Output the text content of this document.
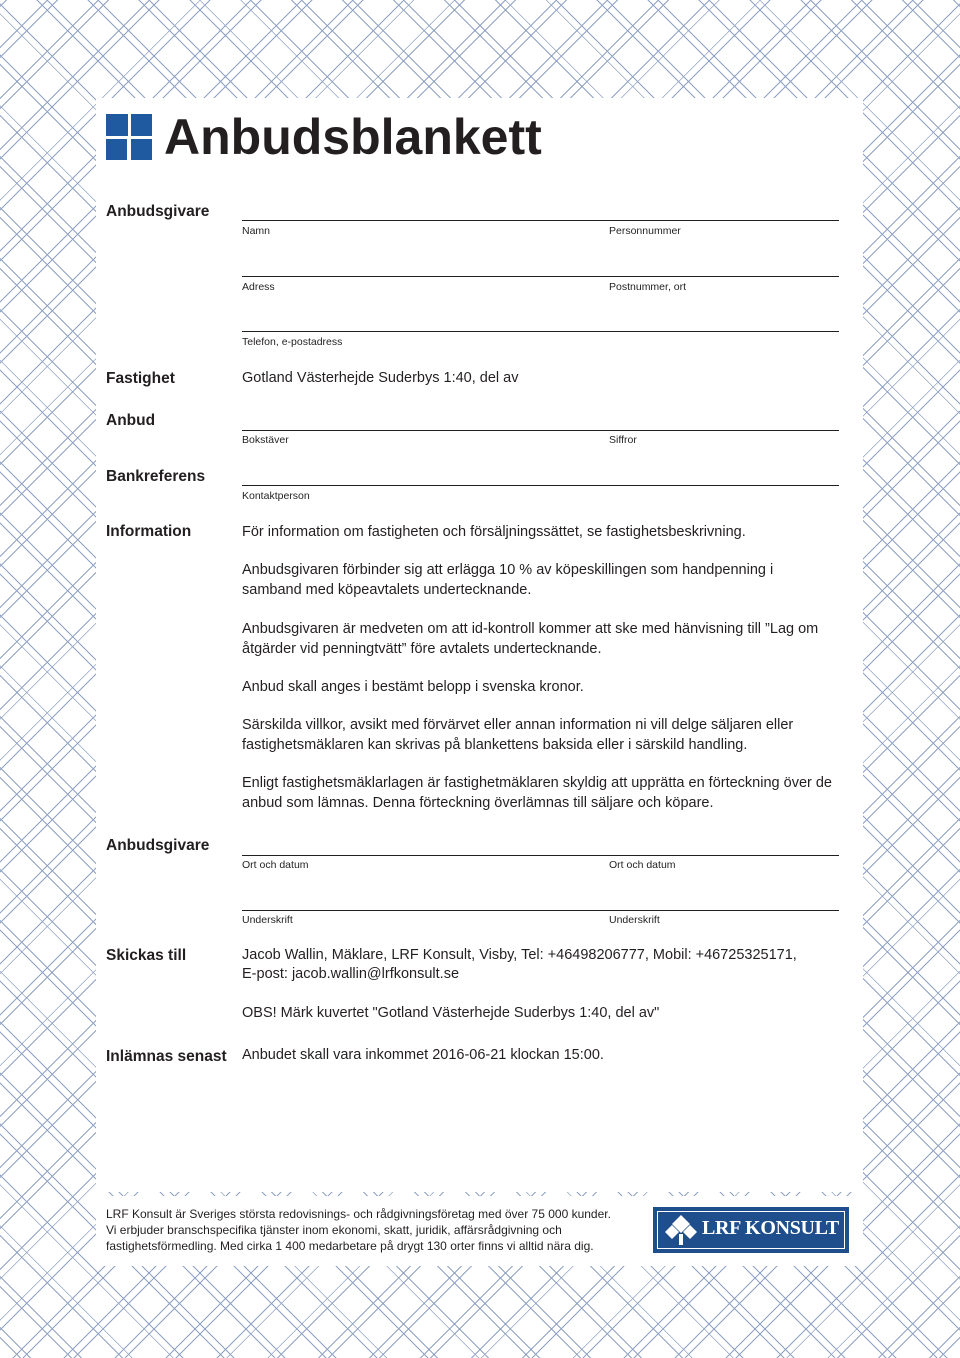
Anbudsblankett
Anbudsgivare
Namn	Personnummer
Adress	Postnummer, ort
Telefon, e-postadress
Fastighet	Gotland Västerhejde Suderbys 1:40, del av
Anbud
Bokstäver	Siffror
Bankreferens
Kontaktperson
Information	För information om fastigheten och försäljningssättet, se fastighetsbeskrivning.
Anbudsgivaren förbinder sig att erlägga 10 % av köpeskillingen som handpenning i samband med köpeavtalets undertecknande.
Anbudsgivaren är medveten om att id-kontroll kommer att ske med hänvisning till ”Lag om åtgärder vid penningtvätt” före avtalets undertecknande.
Anbud skall anges i bestämt belopp i svenska kronor.
Särskilda villkor, avsikt med förvärvet eller annan information ni vill delge säljaren eller fastighetsmäklaren kan skrivas på blankettens baksida eller i särskild handling.
Enligt fastighetsmäklarlagen är fastighetmäklaren skyldig att upprätta en förteckning över de anbud som lämnas. Denna förteckning överlämnas till säljare och köpare.
Anbudsgivare
Ort och datum	Ort och datum
Underskrift	Underskrift
Skickas till	Jacob Wallin, Mäklare, LRF Konsult, Visby, Tel: +46498206777, Mobil: +46725325171,
E-post: jacob.wallin@lrfkonsult.se
OBS! Märk kuvertet "Gotland Västerhejde Suderbys 1:40, del av"
Inlämnas senast Anbudet skall vara inkommet 2016-06-21 klockan 15:00.
LRF Konsult är Sveriges största redovisnings- och rådgivningsföretag med över 75 000 kunder.
Vi erbjuder branschspecifika tjänster inom ekonomi, skatt, juridik, affärsrådgivning och
fastighetsförmedling. Med cirka 1 400 medarbetare på drygt 130 orter finns vi alltid nära dig.
LRF KONSULT
